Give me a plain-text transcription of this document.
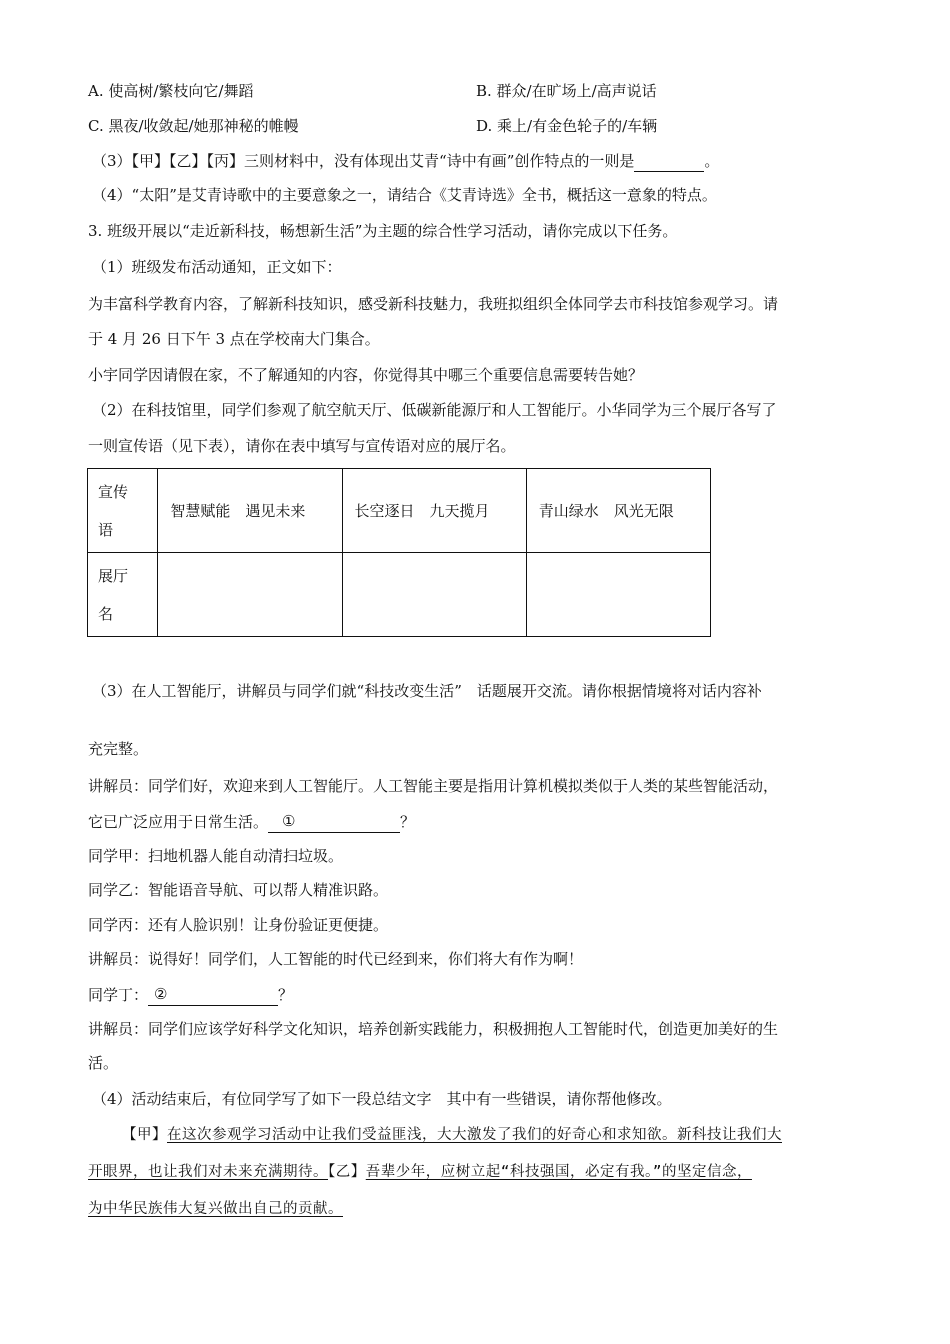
A. 使高树/繁枝向它/舞蹈	B. 群众/在旷场上/高声说话
C. 黑夜/收敛起/她那神秘的帷幔	D. 乘上/有金色轮子的/车辆
（3）【甲】【乙】【丙】三则材料中，没有体现出艾青“诗中有画”创作特点的一则是	。
（4）“太阳”是艾青诗歌中的主要意象之一，请结合《艾青诗选》全书，概括这一意象的特点。
3. 班级开展以“走近新科技，畅想新生活”为主题的综合性学习活动，请你完成以下任务。
（1）班级发布活动通知，正文如下：
为丰富科学教育内容，了解新科技知识，感受新科技魅力，我班拟组织全体同学去市科技馆参观学习。请
于 4 月 26 日下午 3 点在学校南大门集合。
小宇同学因请假在家，不了解通知的内容，你觉得其中哪三个重要信息需要转告她？
（2）在科技馆里，同学们参观了航空航天厅、低碳新能源厅和人工智能厅。小华同学为三个展厅各写了
一则宣传语（见下表），请你在表中填写与宣传语对应的展厅名。
宣传
语	智慧赋能　遇见未来	长空逐日　九天揽月	青山绿水　风光无限

展厅
名			

（3）在人工智能厅，讲解员与同学们就“科技改变生活”　话题展开交流。请你根据情境将对话内容补
充完整。
讲解员：同学们好，欢迎来到人工智能厅。人工智能主要是指用计算机模拟类似于人类的某些智能活动，
它已广泛应用于日常生活。 ①	？
同学甲：扫地机器人能自动清扫垃圾。
同学乙：智能语音导航、可以帮人精准识路。
同学丙：还有人脸识别！让身份验证更便捷。
讲解员：说得好！同学们，人工智能的时代已经到来，你们将大有作为啊！
同学丁： ②	？
讲解员：同学们应该学好科学文化知识，培养创新实践能力，积极拥抱人工智能时代，创造更加美好的生
活。
（4）活动结束后，有位同学写了如下一段总结文字　其中有一些错误，请你帮他修改。
【甲】在这次参观学习活动中让我们受益匪浅，大大激发了我们的好奇心和求知欲。新科技让我们大
开眼界，也让我们对未来充满期待。【乙】吾辈少年，应树立起“科技强国，必定有我。”的坚定信念，
为中华民族伟大复兴做出自己的贡献。
